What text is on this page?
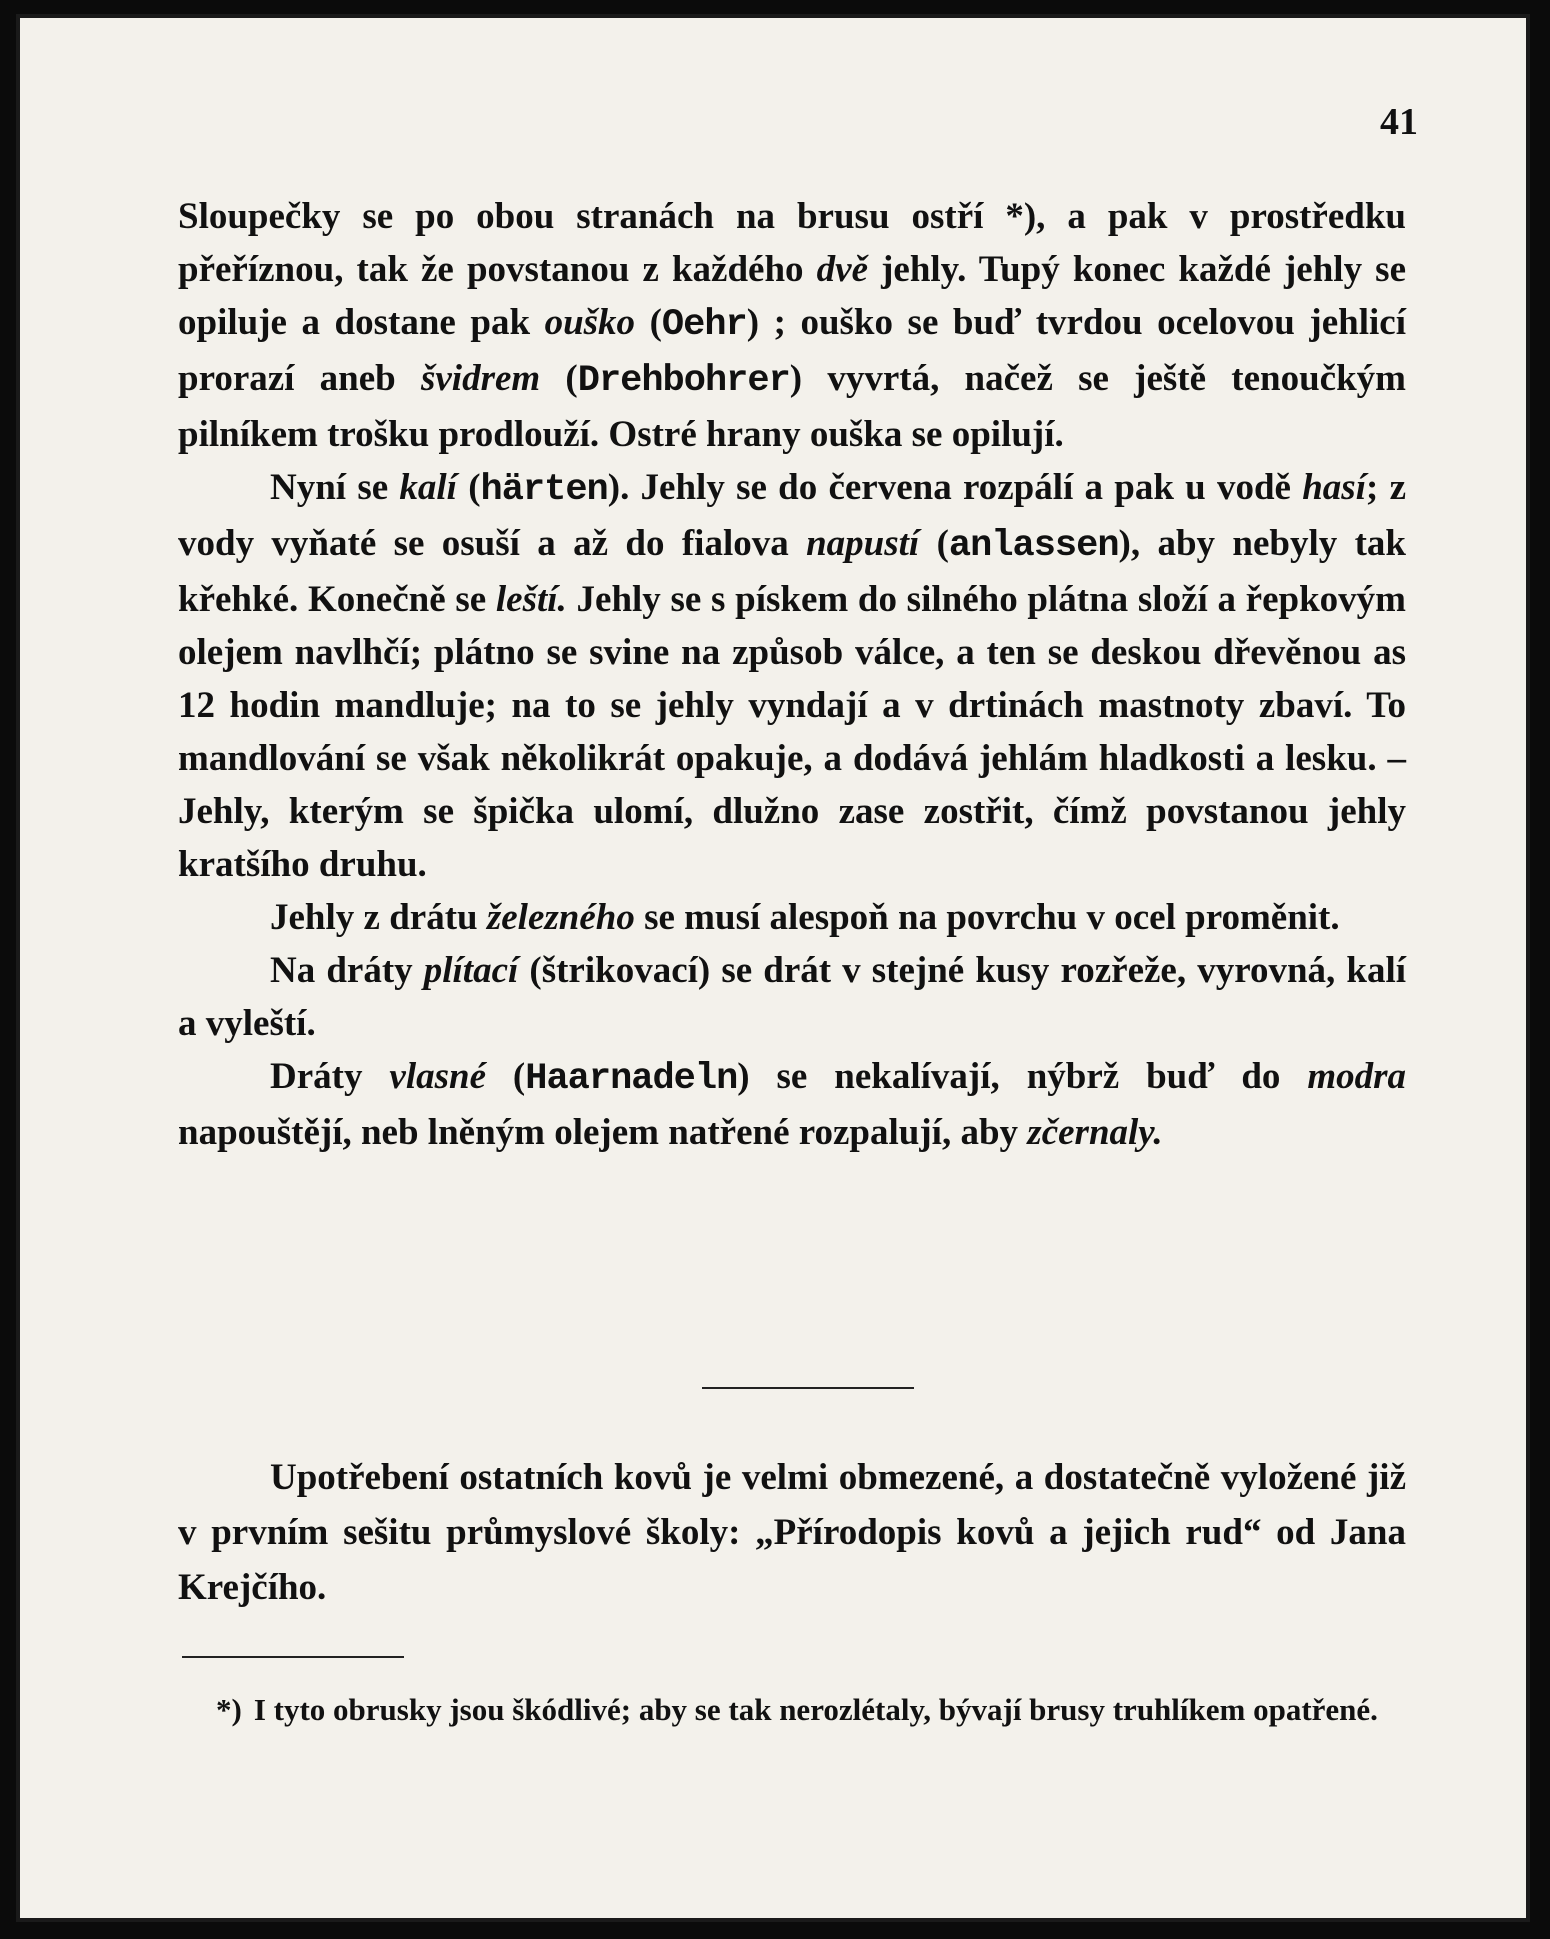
41

Sloupečky se po obou stranách na brusu ostří *), a pak v prostředku přeříznou, tak že povstanou z každého dvě jehly. Tupý konec každé jehly se opiluje a dostane pak ouško (Oehr) ; ouško se buď tvrdou ocelovou jehlicí prorazí aneb švidrem (Drehbohrer) vyvrtá, načež se ještě tenoučkým pilníkem trošku prodlouží. Ostré hrany ouška se opilují.

Nyní se kalí (härten). Jehly se do červena rozpálí a pak u vodě hasí; z vody vyňaté se osuší a až do fialova napustí (anlassen), aby nebyly tak křehké. Konečně se leští. Jehly se s pískem do silného plátna složí a řepkovým olejem navlhčí; plátno se svine na způsob válce, a ten se deskou dřevěnou as 12 hodin mandluje; na to se jehly vyndají a v drtinách mastnoty zbaví. To mandlování se však několikrát opakuje, a dodává jehlám hladkosti a lesku. – Jehly, kterým se špička ulomí, dlužno zase zostřit, čímž povstanou jehly kratšího druhu.

Jehly z drátu železného se musí alespoň na povrchu v ocel proměnit.

Na dráty plítací (štrikovací) se drát v stejné kusy rozřeže, vyrovná, kalí a vyleští.

Dráty vlasné (Haarnadeln) se nekalívají, nýbrž buď do modra napouštějí, neb lněným olejem natřené rozpalují, aby zčernaly.

Upotřebení ostatních kovů je velmi obmezené, a dostatečně vyložené již v prvním sešitu průmyslové školy: „Přírodopis kovů a jejich rud“ od Jana Krejčího.

*) I tyto obrusky jsou škódlivé; aby se tak nerozlétaly, bývají brusy truhlíkem opatřené.
